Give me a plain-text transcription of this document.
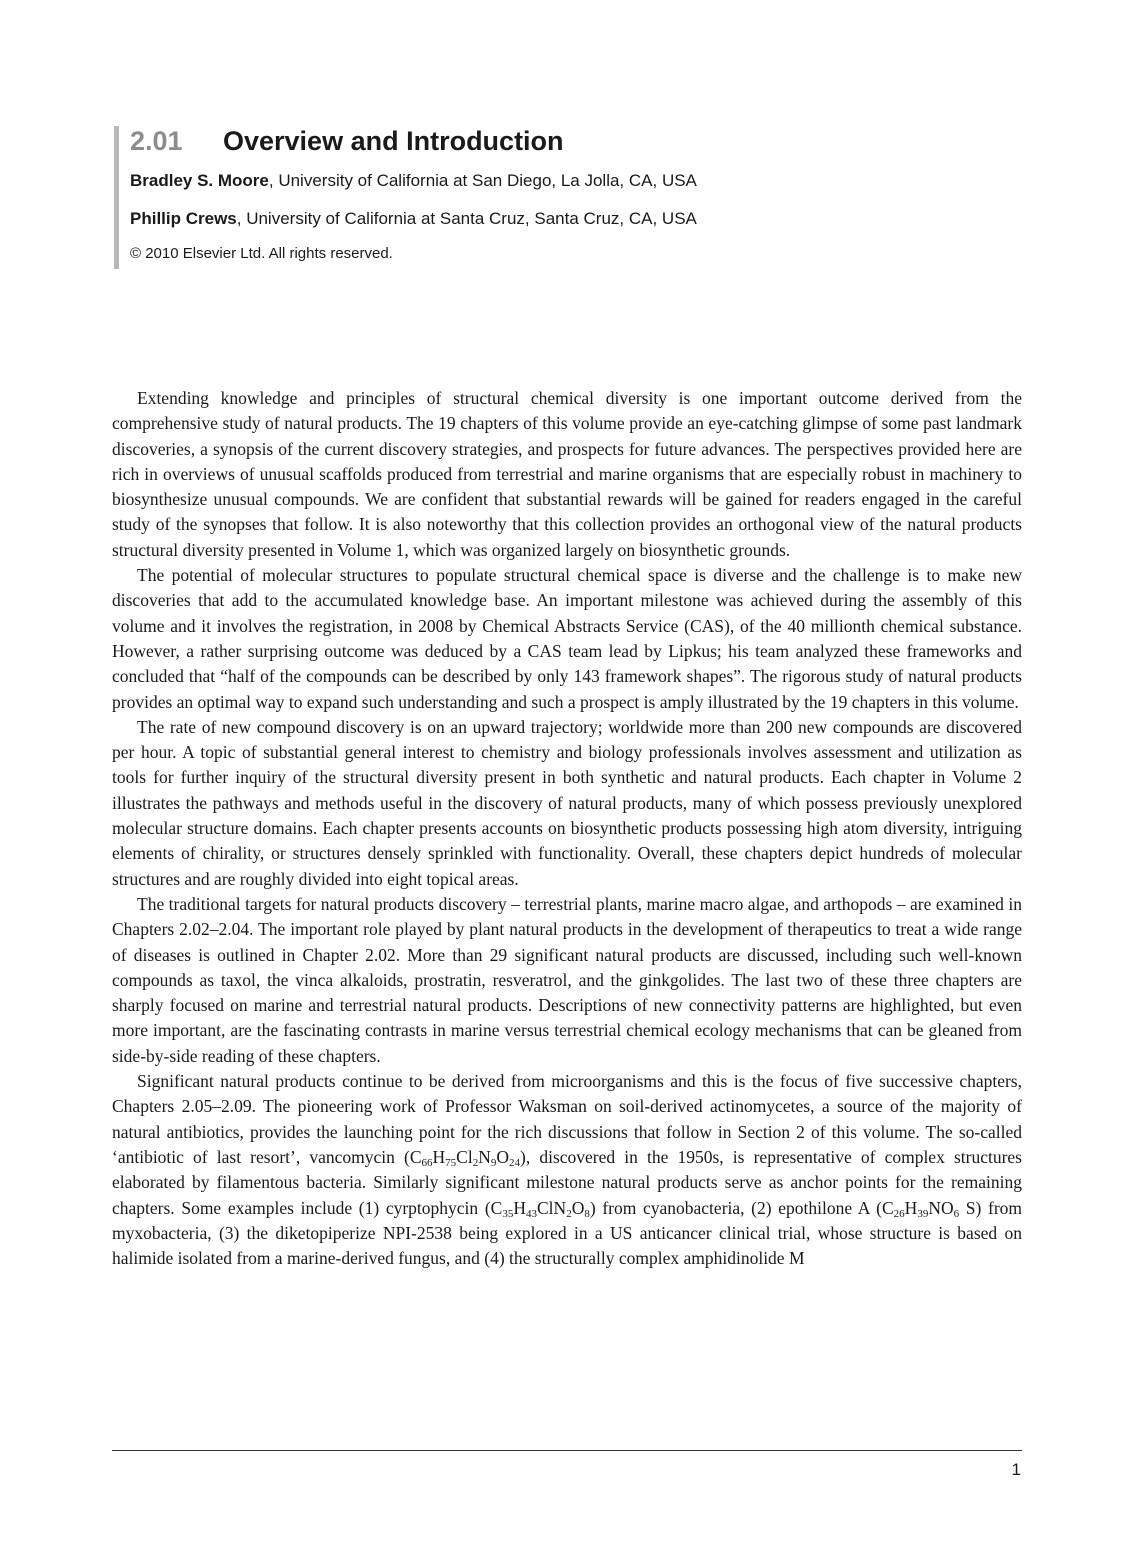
2.01 Overview and Introduction
Bradley S. Moore, University of California at San Diego, La Jolla, CA, USA
Phillip Crews, University of California at Santa Cruz, Santa Cruz, CA, USA
© 2010 Elsevier Ltd. All rights reserved.

Extending knowledge and principles of structural chemical diversity is one important outcome derived from the comprehensive study of natural products. The 19 chapters of this volume provide an eye-catching glimpse of some past landmark discoveries, a synopsis of the current discovery strategies, and prospects for future advances. The perspectives provided here are rich in overviews of unusual scaffolds produced from terrestrial and marine organisms that are especially robust in machinery to biosynthesize unusual compounds. We are confident that substantial rewards will be gained for readers engaged in the careful study of the synopses that follow. It is also noteworthy that this collection provides an orthogonal view of the natural products structural diversity presented in Volume 1, which was organized largely on biosynthetic grounds.

The potential of molecular structures to populate structural chemical space is diverse and the challenge is to make new discoveries that add to the accumulated knowledge base. An important milestone was achieved during the assembly of this volume and it involves the registration, in 2008 by Chemical Abstracts Service (CAS), of the 40 millionth chemical substance. However, a rather surprising outcome was deduced by a CAS team lead by Lipkus; his team analyzed these frameworks and concluded that “half of the compounds can be described by only 143 framework shapes”. The rigorous study of natural products provides an optimal way to expand such understanding and such a prospect is amply illustrated by the 19 chapters in this volume.

The rate of new compound discovery is on an upward trajectory; worldwide more than 200 new compounds are discovered per hour. A topic of substantial general interest to chemistry and biology professionals involves assessment and utilization as tools for further inquiry of the structural diversity present in both synthetic and natural products. Each chapter in Volume 2 illustrates the pathways and methods useful in the discovery of natural products, many of which possess previously unexplored molecular structure domains. Each chapter presents accounts on biosynthetic products possessing high atom diversity, intriguing elements of chirality, or structures densely sprinkled with functionality. Overall, these chapters depict hundreds of molecular structures and are roughly divided into eight topical areas.

The traditional targets for natural products discovery – terrestrial plants, marine macro algae, and arthopods – are examined in Chapters 2.02–2.04. The important role played by plant natural products in the development of therapeutics to treat a wide range of diseases is outlined in Chapter 2.02. More than 29 significant natural products are discussed, including such well-known compounds as taxol, the vinca alkaloids, prostratin, resveratrol, and the ginkgolides. The last two of these three chapters are sharply focused on marine and terrestrial natural products. Descriptions of new connectivity patterns are highlighted, but even more important, are the fascinating contrasts in marine versus terrestrial chemical ecology mechanisms that can be gleaned from side-by-side reading of these chapters.

Significant natural products continue to be derived from microorganisms and this is the focus of five successive chapters, Chapters 2.05–2.09. The pioneering work of Professor Waksman on soil-derived actinomycetes, a source of the majority of natural antibiotics, provides the launching point for the rich discussions that follow in Section 2 of this volume. The so-called ‘antibiotic of last resort’, vancomycin $(C_{66}H_{75}Cl_2N_9O_{24})$, discovered in the 1950s, is representative of complex structures elaborated by filamentous bacteria. Similarly significant milestone natural products serve as anchor points for the remaining chapters. Some examples include (1) cyrptophycin $(C_{35}H_{43}ClN_2O_8)$ from cyanobacteria, (2) epothilone A ($C_{26}H_{39}NO_6$ S) from myxobacteria, (3) the diketopiperize NPI-2538 being explored in a US anticancer clinical trial, whose structure is based on halimide isolated from a marine-derived fungus, and (4) the structurally complex amphidinolide M

1
